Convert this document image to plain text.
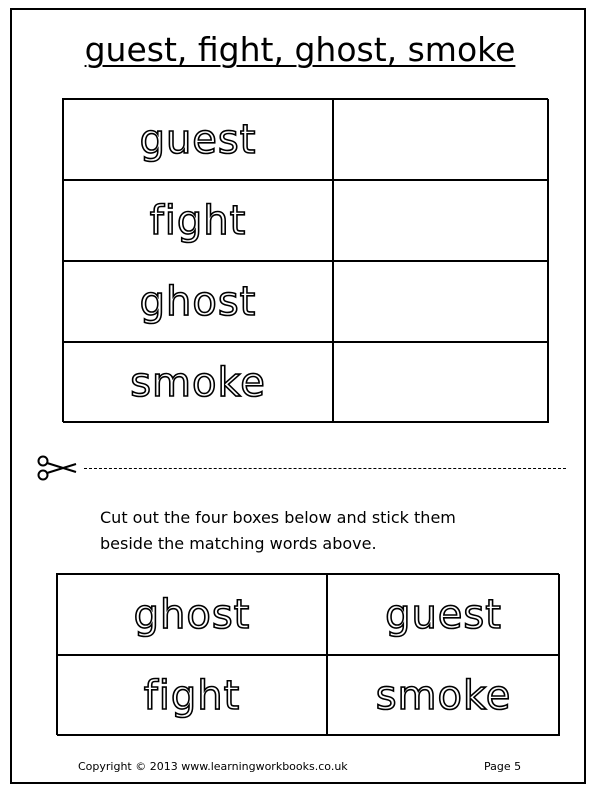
guest, fight, ghost, smoke
guest
fight
ghost
smoke
Cut out the four boxes below and stick them
beside the matching words above.
ghost	guest
fight	smoke
Copyright © 2013 www.learningworkbooks.co.uk	Page 5
